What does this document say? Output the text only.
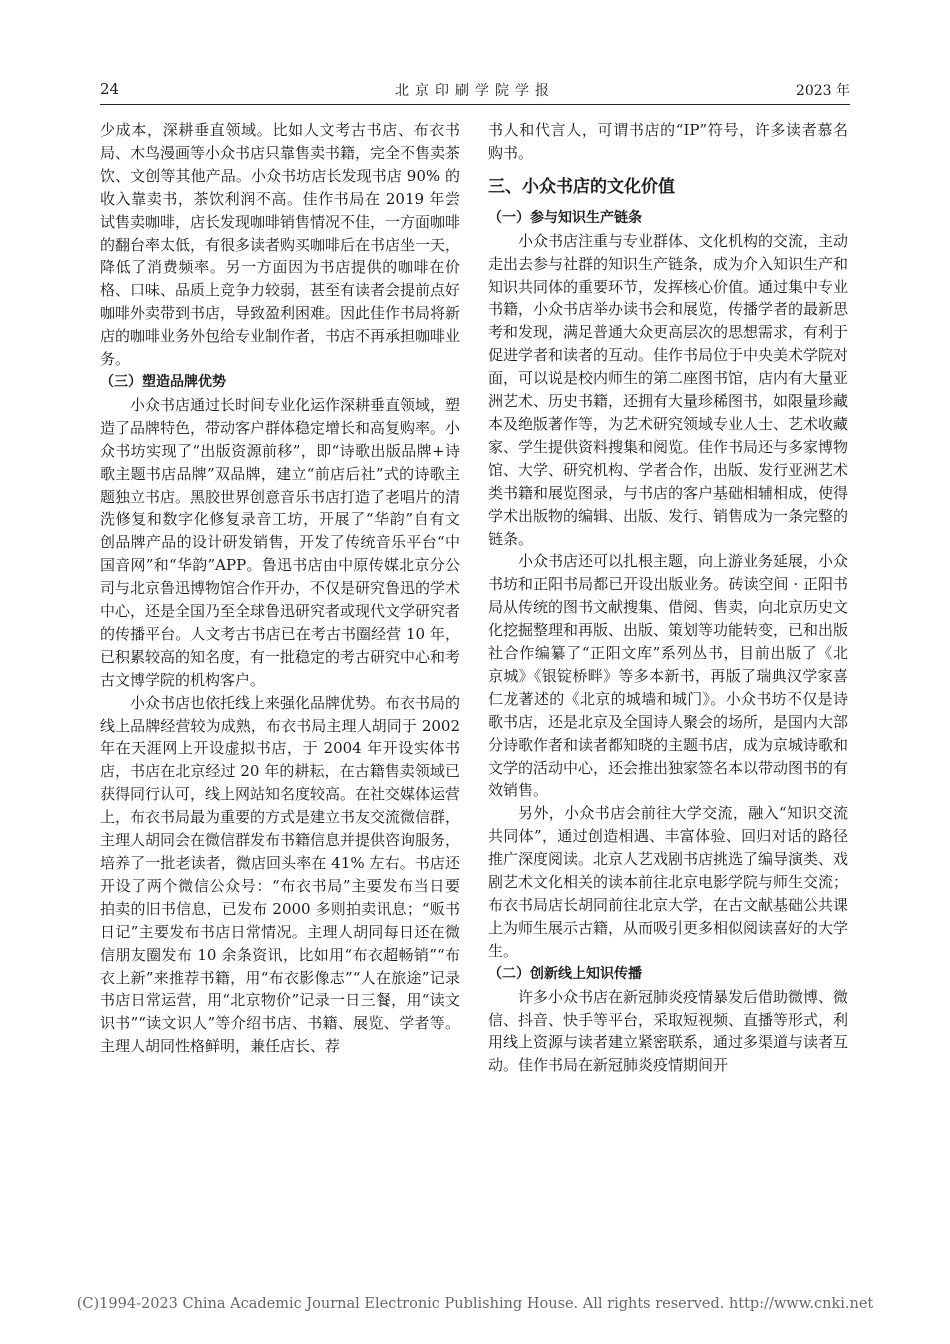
24	北京印刷学院学报	2023 年

少成本，深耕垂直领域。比如人文考古书店、布衣书局、木鸟漫画等小众书店只靠售卖书籍，完全不售卖茶饮、文创等其他产品。小众书坊店长发现书店 90% 的收入靠卖书，茶饮利润不高。佳作书局在 2019 年尝试售卖咖啡，店长发现咖啡销售情况不佳，一方面咖啡的翻台率太低，有很多读者购买咖啡后在书店坐一天，降低了消费频率。另一方面因为书店提供的咖啡在价格、口味、品质上竞争力较弱，甚至有读者会提前点好咖啡外卖带到书店，导致盈利困难。因此佳作书局将新店的咖啡业务外包给专业制作者，书店不再承担咖啡业务。

（三）塑造品牌优势

小众书店通过长时间专业化运作深耕垂直领域，塑造了品牌特色，带动客户群体稳定增长和高复购率。小众书坊实现了“出版资源前移”，即“诗歌出版品牌+诗歌主题书店品牌”双品牌，建立“前店后社”式的诗歌主题独立书店。黑胶世界创意音乐书店打造了老唱片的清洗修复和数字化修复录音工坊，开展了“华韵”自有文创品牌产品的设计研发销售，开发了传统音乐平台“中国音网”和“华韵”APP。鲁迅书店由中原传媒北京分公司与北京鲁迅博物馆合作开办，不仅是研究鲁迅的学术中心，还是全国乃至全球鲁迅研究者或现代文学研究者的传播平台。人文考古书店已在考古书圈经营 10 年，已积累较高的知名度，有一批稳定的考古研究中心和考古文博学院的机构客户。

小众书店也依托线上来强化品牌优势。布衣书局的线上品牌经营较为成熟，布衣书局主理人胡同于 2002 年在天涯网上开设虚拟书店，于 2004 年开设实体书店，书店在北京经过 20 年的耕耘，在古籍售卖领域已获得同行认可，线上网站知名度较高。在社交媒体运营上，布衣书局最为重要的方式是建立书友交流微信群，主理人胡同会在微信群发布书籍信息并提供咨询服务，培养了一批老读者，微店回头率在 41% 左右。书店还开设了两个微信公众号：“布衣书局”主要发布当日要拍卖的旧书信息，已发布 2000 多则拍卖讯息；“贩书日记”主要发布书店日常情况。主理人胡同每日还在微信朋友圈发布 10 余条资讯，比如用“布衣超畅销”“布衣上新”来推荐书籍，用“布衣影像志”“人在旅途”记录书店日常运营，用“北京物价”记录一日三餐，用“读文识书”“读文识人”等介绍书店、书籍、展览、学者等。主理人胡同性格鲜明，兼任店长、荐

书人和代言人，可谓书店的“IP”符号，许多读者慕名购书。

三、小众书店的文化价值

（一）参与知识生产链条

小众书店注重与专业群体、文化机构的交流，主动走出去参与社群的知识生产链条，成为介入知识生产和知识共同体的重要环节，发挥核心价值。通过集中专业书籍，小众书店举办读书会和展览，传播学者的最新思考和发现，满足普通大众更高层次的思想需求，有利于促进学者和读者的互动。佳作书局位于中央美术学院对面，可以说是校内师生的第二座图书馆，店内有大量亚洲艺术、历史书籍，还拥有大量珍稀图书，如限量珍藏本及绝版著作等，为艺术研究领域专业人士、艺术收藏家、学生提供资料搜集和阅览。佳作书局还与多家博物馆、大学、研究机构、学者合作，出版、发行亚洲艺术类书籍和展览图录，与书店的客户基础相辅相成，使得学术出版物的编辑、出版、发行、销售成为一条完整的链条。

小众书店还可以扎根主题，向上游业务延展，小众书坊和正阳书局都已开设出版业务。砖读空间 · 正阳书局从传统的图书文献搜集、借阅、售卖，向北京历史文化挖掘整理和再版、出版、策划等功能转变，已和出版社合作编纂了“正阳文库”系列丛书，目前出版了《北京城》《银锭桥畔》等多本新书，再版了瑞典汉学家喜仁龙著述的《北京的城墙和城门》。小众书坊不仅是诗歌书店，还是北京及全国诗人聚会的场所，是国内大部分诗歌作者和读者都知晓的主题书店，成为京城诗歌和文学的活动中心，还会推出独家签名本以带动图书的有效销售。

另外，小众书店会前往大学交流，融入“知识交流共同体”，通过创造相遇、丰富体验、回归对话的路径推广深度阅读。北京人艺戏剧书店挑选了编导演类、戏剧艺术文化相关的读本前往北京电影学院与师生交流；布衣书局店长胡同前往北京大学，在古文献基础公共课上为师生展示古籍，从而吸引更多相似阅读喜好的大学生。

（二）创新线上知识传播

许多小众书店在新冠肺炎疫情暴发后借助微博、微信、抖音、快手等平台，采取短视频、直播等形式，利用线上资源与读者建立紧密联系，通过多渠道与读者互动。佳作书局在新冠肺炎疫情期间开

(C)1994-2023 China Academic Journal Electronic Publishing House. All rights reserved. http://www.cnki.net
